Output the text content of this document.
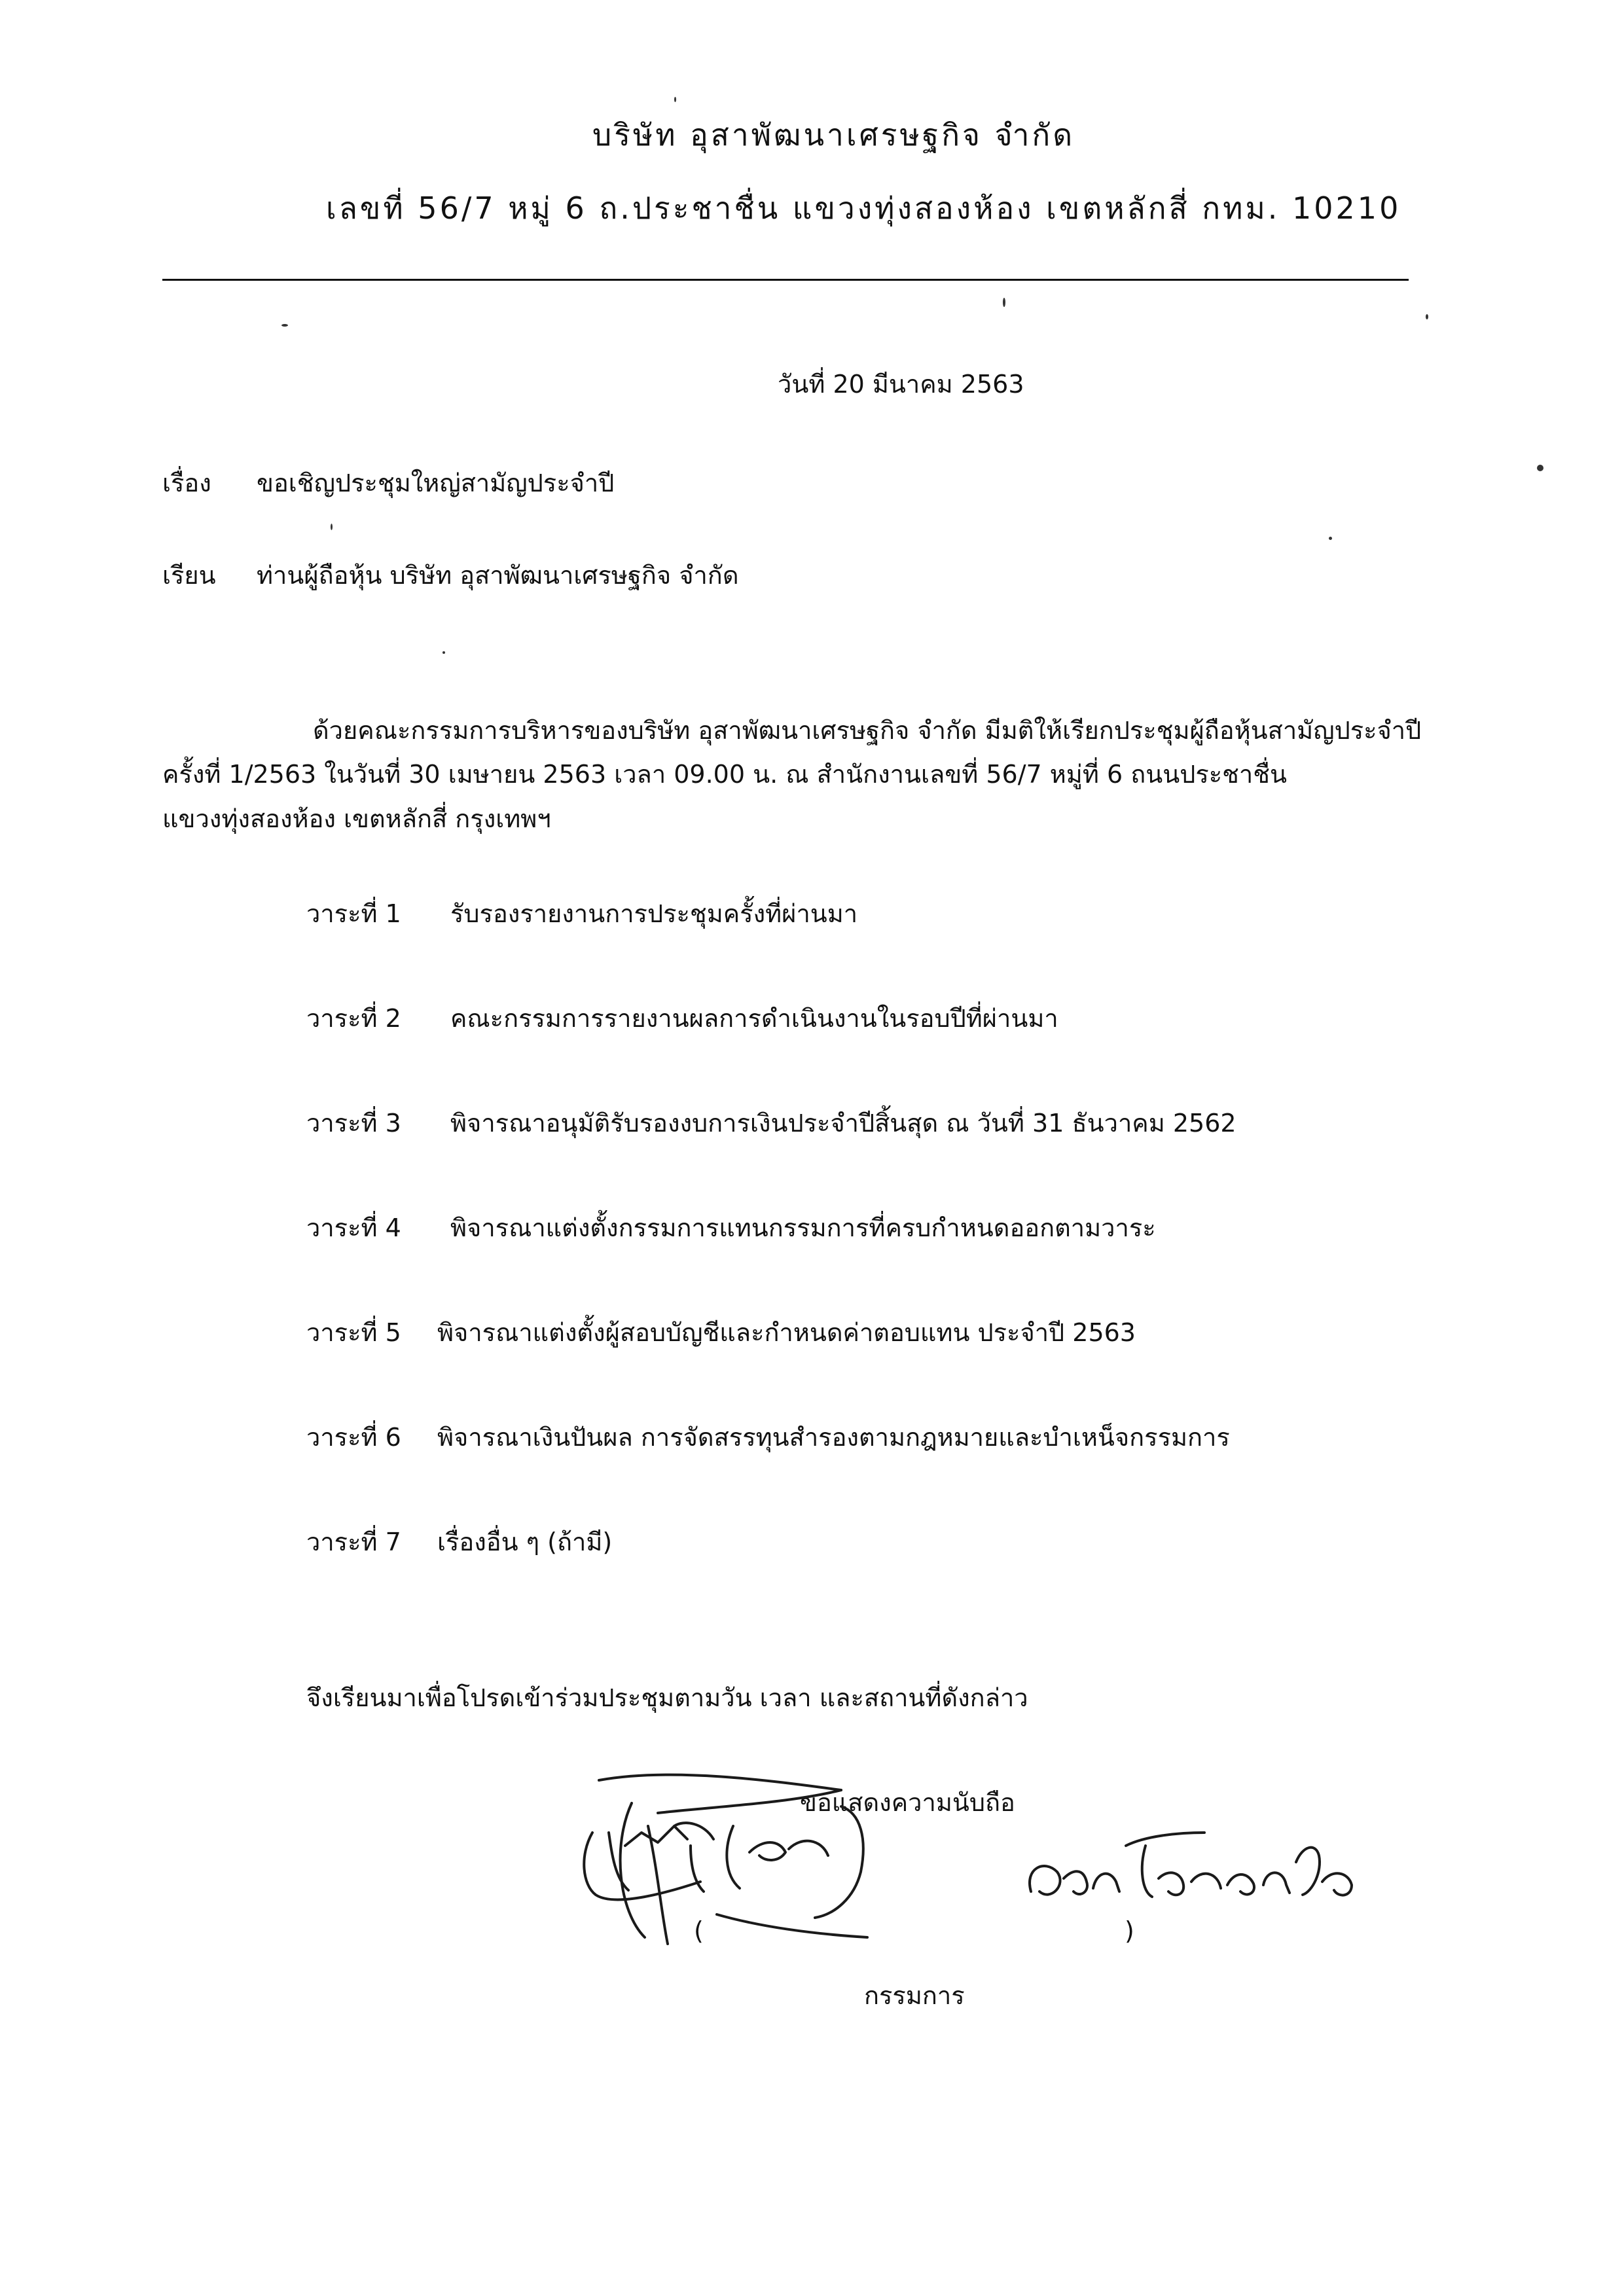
บริษัท อุสาพัฒนาเศรษฐกิจ จำกัด
เลขที่ 56/7 หมู่ 6 ถ.ประชาชื่น แขวงทุ่งสองห้อง เขตหลักสี่ กทม. 10210
วันที่ 20 มีนาคม 2563
เรื่อง ขอเชิญประชุมใหญ่สามัญประจำปี
เรียน ท่านผู้ถือหุ้น บริษัท อุสาพัฒนาเศรษฐกิจ จำกัด
ด้วยคณะกรรมการบริหารของบริษัท อุสาพัฒนาเศรษฐกิจ จำกัด มีมติให้เรียกประชุมผู้ถือหุ้นสามัญประจำปี
ครั้งที่ 1/2563 ในวันที่ 30 เมษายน 2563 เวลา 09.00 น. ณ สำนักงานเลขที่ 56/7 หมู่ที่ 6 ถนนประชาชื่น
แขวงทุ่งสองห้อง เขตหลักสี่ กรุงเทพฯ
วาระที่ 1 รับรองรายงานการประชุมครั้งที่ผ่านมา
วาระที่ 2 คณะกรรมการรายงานผลการดำเนินงานในรอบปีที่ผ่านมา
วาระที่ 3 พิจารณาอนุมัติรับรองงบการเงินประจำปีสิ้นสุด ณ วันที่ 31 ธันวาคม 2562
วาระที่ 4 พิจารณาแต่งตั้งกรรมการแทนกรรมการที่ครบกำหนดออกตามวาระ
วาระที่ 5 พิจารณาแต่งตั้งผู้สอบบัญชีและกำหนดค่าตอบแทน ประจำปี 2563
วาระที่ 6 พิจารณาเงินปันผล การจัดสรรทุนสำรองตามกฎหมายและบำเหน็จกรรมการ
วาระที่ 7 เรื่องอื่น ๆ (ถ้ามี)
จึงเรียนมาเพื่อโปรดเข้าร่วมประชุมตามวัน เวลา และสถานที่ดังกล่าว
ขอแสดงความนับถือ
(	)
กรรมการ
